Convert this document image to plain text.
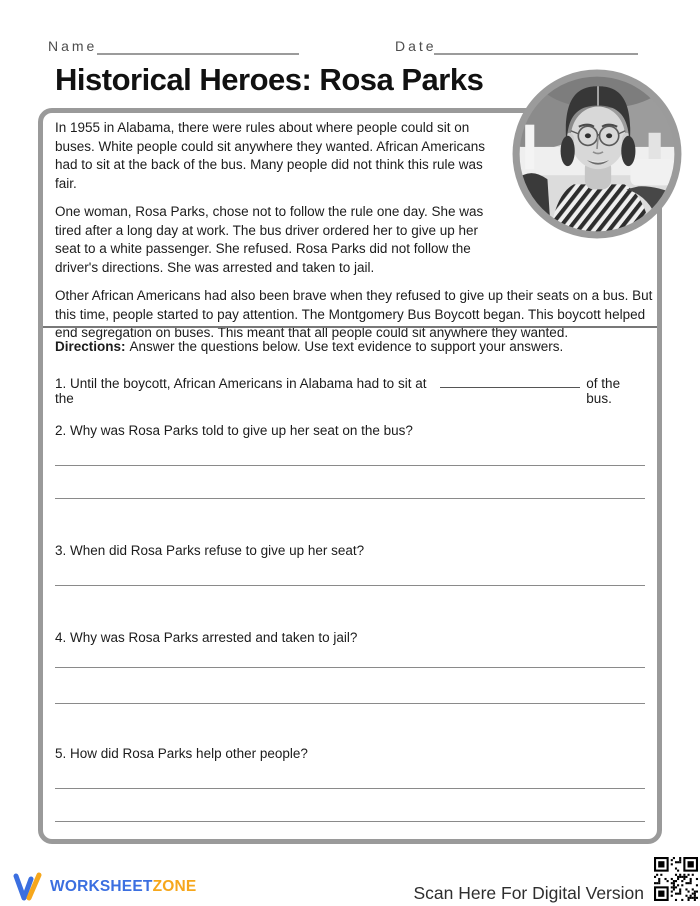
Name	Date
Historical Heroes: Rosa Parks

In 1955 in Alabama, there were rules about where people could sit on buses. White people could sit anywhere they wanted. African Americans had to sit at the back of the bus. Many people did not think this rule was fair.

One woman, Rosa Parks, chose not to follow the rule one day. She was tired after a long day at work. The bus driver ordered her to give up her seat to a white passenger. She refused. Rosa Parks did not follow the driver's directions. She was arrested and taken to jail.

Other African Americans had also been brave when they refused to give up their seats on a bus. But this time, people started to pay attention. The Montgomery Bus Boycott began. This boycott helped end segregation on buses. This meant that all people could sit anywhere they wanted.

Directions: Answer the questions below. Use text evidence to support your answers.
1. Until the boycott, African Americans in Alabama had to sit at the
of the bus.
2. Why was Rosa Parks told to give up her seat on the bus?
3. When did Rosa Parks refuse to give up her seat?
4. Why was Rosa Parks arrested and taken to jail?
5. How did Rosa Parks help other people?
WORKSHEETZONE	Scan Here For Digital Version
